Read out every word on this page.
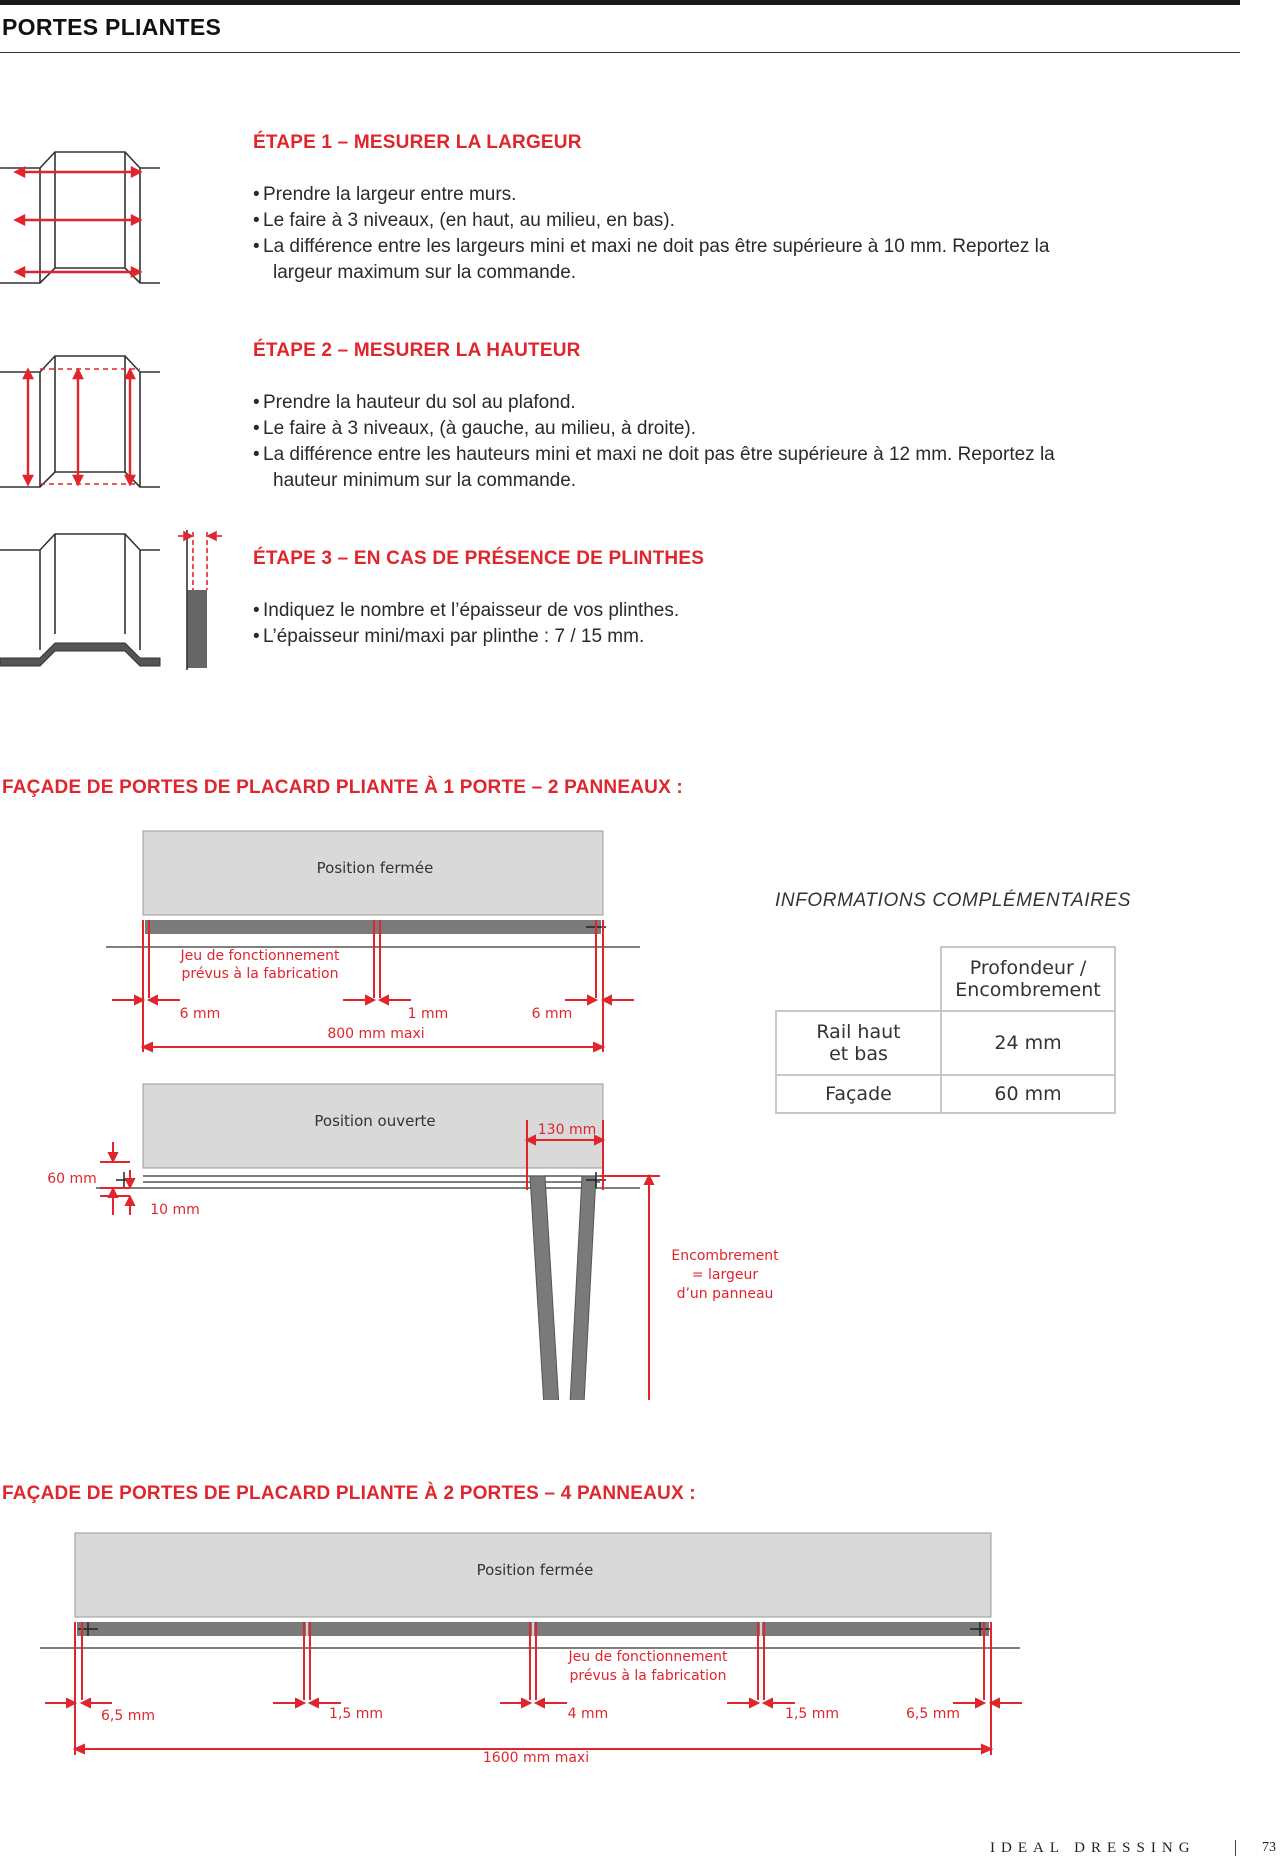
PORTES PLIANTES
ÉTAPE 1 – MESURER LA LARGEUR
• Prendre la largeur entre murs.
• Le faire à 3 niveaux, (en haut, au milieu, en bas).
• La différence entre les largeurs mini et maxi ne doit pas être supérieure à 10 mm. Reportez la
largeur maximum sur la commande.
ÉTAPE 2 – MESURER LA HAUTEUR
• Prendre la hauteur du sol au plafond.
• Le faire à 3 niveaux, (à gauche, au milieu, à droite).
• La différence entre les hauteurs mini et maxi ne doit pas être supérieure à 12 mm. Reportez la
hauteur minimum sur la commande.
ÉTAPE 3 – EN CAS DE PRÉSENCE DE PLINTHES
• Indiquez le nombre et l’épaisseur de vos plinthes.
• L’épaisseur mini/maxi par plinthe : 7 / 15 mm.
FAÇADE DE PORTES DE PLACARD PLIANTE À 1 PORTE – 2 PANNEAUX :
Position fermée
Jeu de fonctionnement
prévus à la fabrication
6 mm	1 mm	6 mm
800 mm maxi
Position ouverte	130 mm
60 mm
10 mm
Encombrement
= largeur
d’un panneau
INFORMATIONS COMPLÉMENTAIRES
	Profondeur /
Encombrement
Rail haut
et bas	24 mm
Façade	60 mm
FAÇADE DE PORTES DE PLACARD PLIANTE À 2 PORTES – 4 PANNEAUX :
Position fermée
Jeu de fonctionnement
prévus à la fabrication
6,5 mm	1,5 mm	4 mm	1,5 mm	6,5 mm
1600 mm maxi
IDEAL DRESSING	73
